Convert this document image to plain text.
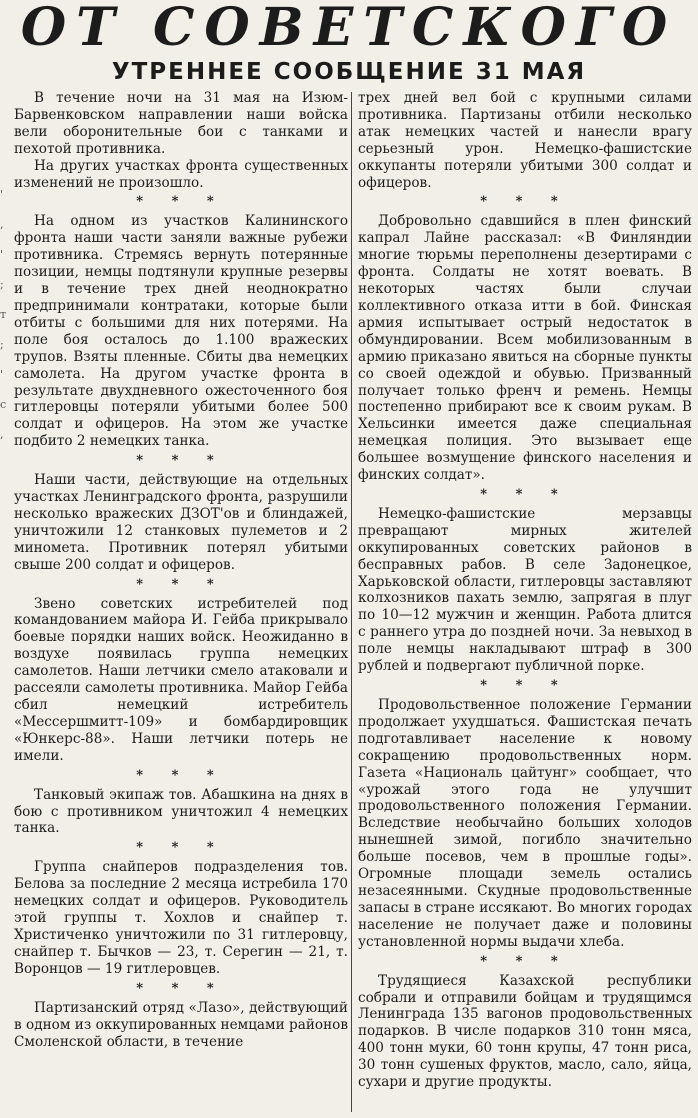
ОТ СОВЕТСКОГО
УТРЕННЕЕ СООБЩЕНИЕ 31 МАЯ
' , ' ; т ; ' с ,

В течение ночи на 31 мая на Изюм-Барвенковском направлении наши войска вели оборонительные бои с танками и пехотой противника.

На других участках фронта существенных изменений не произошло.

* * *

На одном из участков Калининского фронта наши части заняли важные рубежи противника. Стремясь вернуть потерянные позиции, немцы подтянули крупные резервы и в течение трех дней неоднократно предпринимали контратаки, которые были отбиты с большими для них потерями. На поле боя осталось до 1.100 вражеских трупов. Взяты пленные. Сбиты два немецких самолета. На другом участке фронта в результате двухдневного ожесточенного боя гитлеровцы потеряли убитыми более 500 солдат и офицеров. На этом же участке подбито 2 немецких танка.

* * *

Наши части, действующие на отдельных участках Ленинградского фронта, разрушили несколько вражеских ДЗОТ'ов и блиндажей, уничтожили 12 станковых пулеметов и 2 миномета. Противник потерял убитыми свыше 200 солдат и офицеров.

* * *

Звено советских истребителей под командованием майора И. Гейба прикрывало боевые порядки наших войск. Неожиданно в воздухе появилась группа немецких самолетов. Наши летчики смело атаковали и рассеяли самолеты противника. Майор Гейба сбил немецкий истребитель «Мессершмитт-109» и бомбардировщик «Юнкерс-88». Наши летчики потерь не имели.

* * *

Танковый экипаж тов. Абашкина на днях в бою с противником уничтожил 4 немецких танка.

* * *

Группа снайперов подразделения тов. Белова за последние 2 месяца истребила 170 немецких солдат и офицеров. Руководитель этой группы т. Хохлов и снайпер т. Христиченко уничтожили по 31 гитлеровцу, снайпер т. Бычков — 23, т. Серегин — 21, т. Воронцов — 19 гитлеровцев.

* * *

Партизанский отряд «Лазо», действующий в одном из оккупированных немцами районов Смоленской области, в течение

трех дней вел бой с крупными силами противника. Партизаны отбили несколько атак немецких частей и нанесли врагу серьезный урон. Немецко-фашистские оккупанты потеряли убитыми 300 солдат и офицеров.

* * *

Добровольно сдавшийся в плен финский капрал Лайне рассказал: «В Финляндии многие тюрьмы переполнены дезертирами с фронта. Солдаты не хотят воевать. В некоторых частях были случаи коллективного отказа итти в бой. Финская армия испытывает острый недостаток в обмундировании. Всем мобилизованным в армию приказано явиться на сборные пункты со своей одеждой и обувью. Призванный получает только френч и ремень. Немцы постепенно прибирают все к своим рукам. В Хельсинки имеется даже специальная немецкая полиция. Это вызывает еще большее возмущение финского населения и финских солдат».

* * *

Немецко-фашистские мерзавцы превращают мирных жителей оккупированных советских районов в бесправных рабов. В селе Задонецкое, Харьковской области, гитлеровцы заставляют колхозников пахать землю, запрягая в плуг по 10—12 мужчин и женщин. Работа длится с раннего утра до поздней ночи. За невыход в поле немцы накладывают штраф в 300 рублей и подвергают публичной порке.

* * *

Продовольственное положение Германии продолжает ухудшаться. Фашистская печать подготавливает население к новому сокращению продовольственных норм. Газета «Националь цайтунг» сообщает, что «урожай этого года не улучшит продовольственного положения Германии. Вследствие необычайно больших холодов нынешней зимой, погибло значительно больше посевов, чем в прошлые годы». Огромные площади земель остались незасеянными. Скудные продовольственные запасы в стране иссякают. Во многих городах население не получает даже и половины установленной нормы выдачи хлеба.

* * *

Трудящиеся Казахской республики собрали и отправили бойцам и трудящимся Ленинграда 135 вагонов продовольственных подарков. В числе подарков 310 тонн мяса, 400 тонн муки, 60 тонн крупы, 47 тонн риса, 30 тонн сушеных фруктов, масло, сало, яйца, сухари и другие продукты.
